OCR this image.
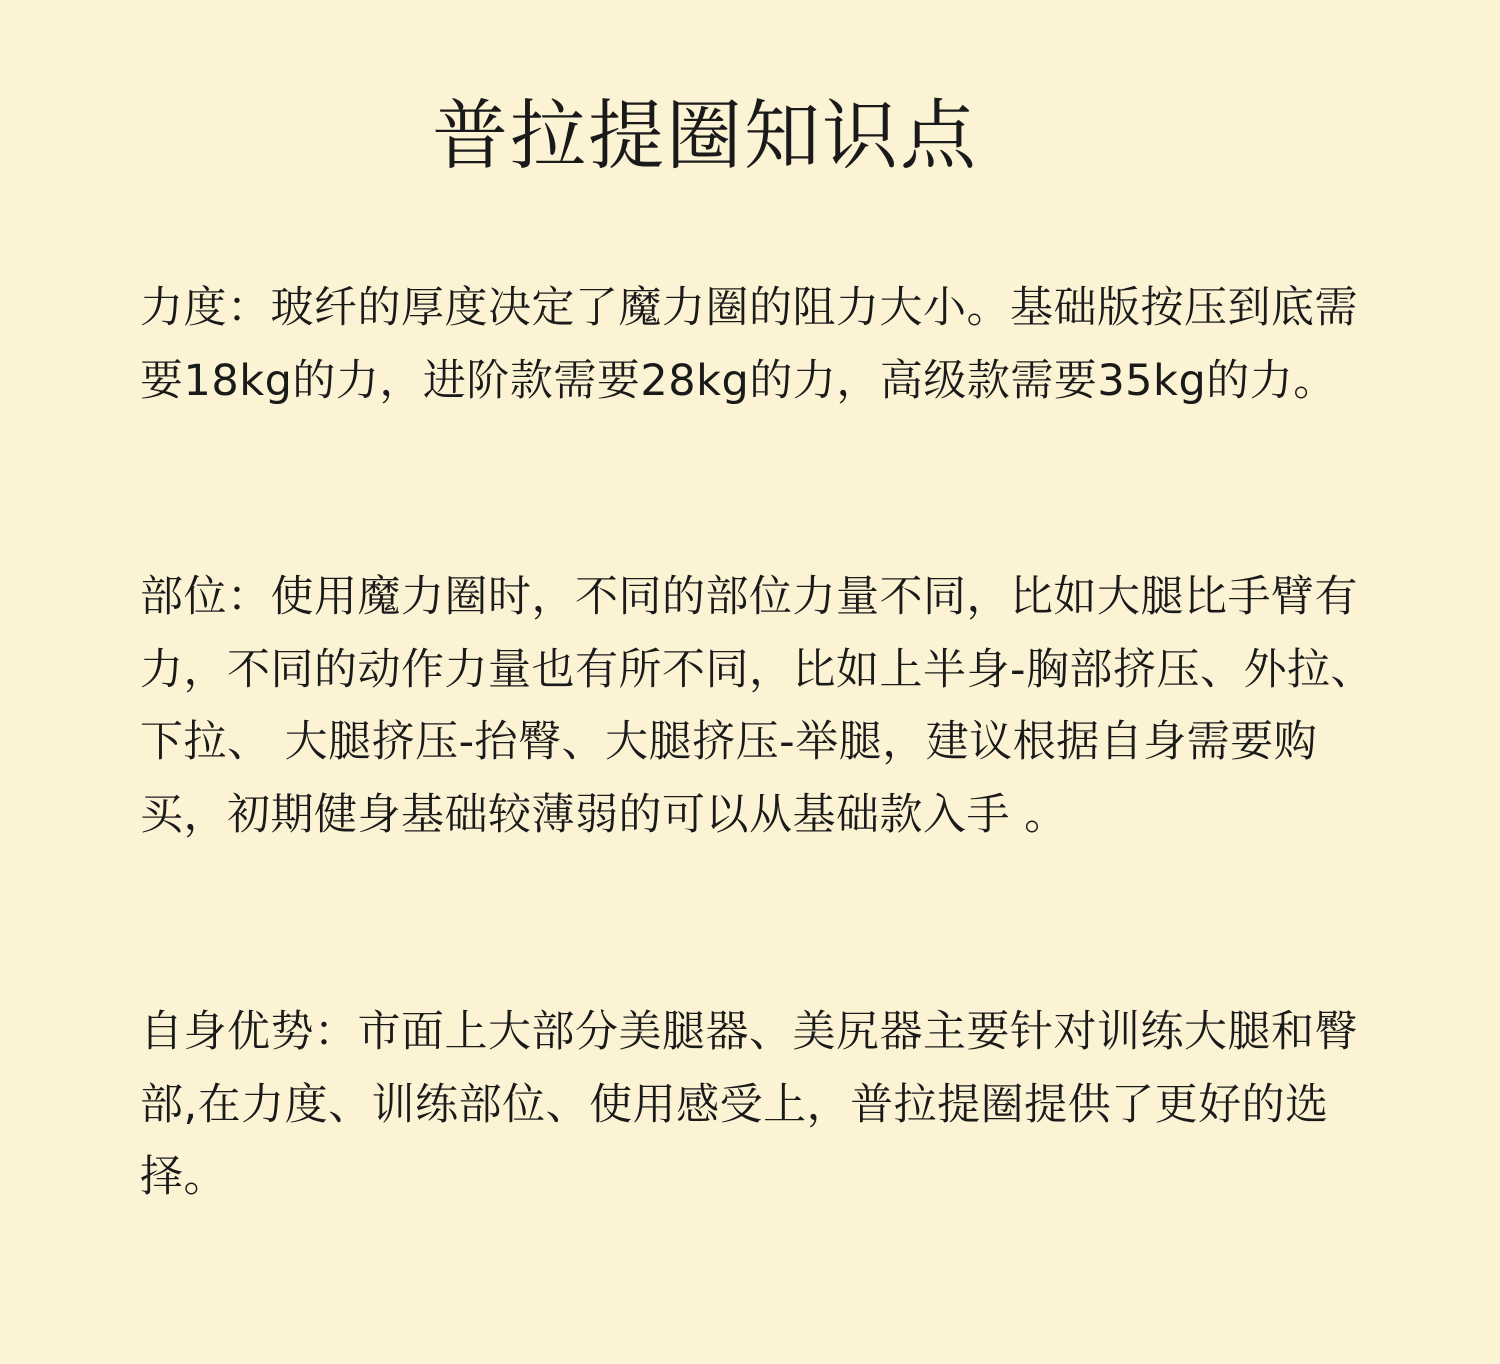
普拉提圈知识点

力度：玻纤的厚度决定了魔力圈的阻力大小。基础版按压到底需要18kg的力，进阶款需要28kg的力，高级款需要35kg的力。

部位：使用魔力圈时，不同的部位力量不同，比如大腿比手臂有力，不同的动作力量也有所不同，比如上半身-胸部挤压、外拉、下拉、 大腿挤压-抬臀、大腿挤压-举腿，建议根据自身需要购买，初期健身基础较薄弱的可以从基础款入手 。

自身优势：市面上大部分美腿器、美尻器主要针对训练大腿和臀部,在力度、训练部位、使用感受上，普拉提圈提供了更好的选择。
